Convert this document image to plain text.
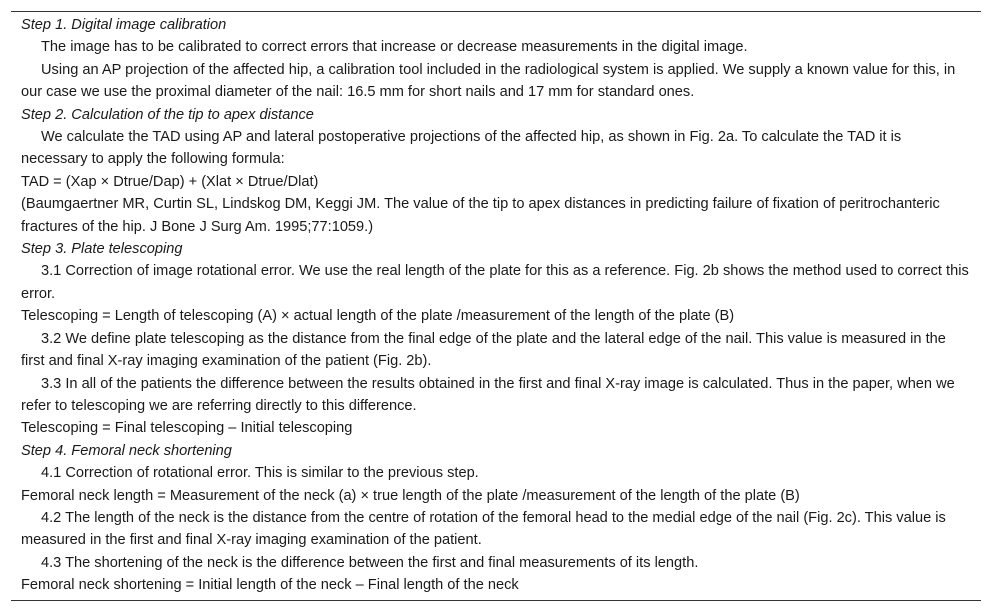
Step 1. Digital image calibration

The image has to be calibrated to correct errors that increase or decrease measurements in the digital image.

Using an AP projection of the affected hip, a calibration tool included in the radiological system is applied. We supply a known value for this, in our case we use the proximal diameter of the nail: 16.5 mm for short nails and 17 mm for standard ones.

Step 2. Calculation of the tip to apex distance

We calculate the TAD using AP and lateral postoperative projections of the affected hip, as shown in Fig. 2a. To calculate the TAD it is necessary to apply the following formula:

TAD = (Xap × Dtrue/Dap) + (Xlat × Dtrue/Dlat)

(Baumgaertner MR, Curtin SL, Lindskog DM, Keggi JM. The value of the tip to apex distances in predicting failure of fixation of peritrochanteric fractures of the hip. J Bone J Surg Am. 1995;77:1059.)

Step 3. Plate telescoping

3.1 Correction of image rotational error. We use the real length of the plate for this as a reference. Fig. 2b shows the method used to correct this error.

Telescoping = Length of telescoping (A) × actual length of the plate /measurement of the length of the plate (B)

3.2 We define plate telescoping as the distance from the final edge of the plate and the lateral edge of the nail. This value is measured in the first and final X-ray imaging examination of the patient (Fig. 2b).

3.3 In all of the patients the difference between the results obtained in the first and final X-ray image is calculated. Thus in the paper, when we refer to telescoping we are referring directly to this difference.

Telescoping = Final telescoping – Initial telescoping

Step 4. Femoral neck shortening

4.1 Correction of rotational error. This is similar to the previous step.

Femoral neck length = Measurement of the neck (a) × true length of the plate /measurement of the length of the plate (B)

4.2 The length of the neck is the distance from the centre of rotation of the femoral head to the medial edge of the nail (Fig. 2c). This value is measured in the first and final X-ray imaging examination of the patient.

4.3 The shortening of the neck is the difference between the first and final measurements of its length.

Femoral neck shortening = Initial length of the neck – Final length of the neck
